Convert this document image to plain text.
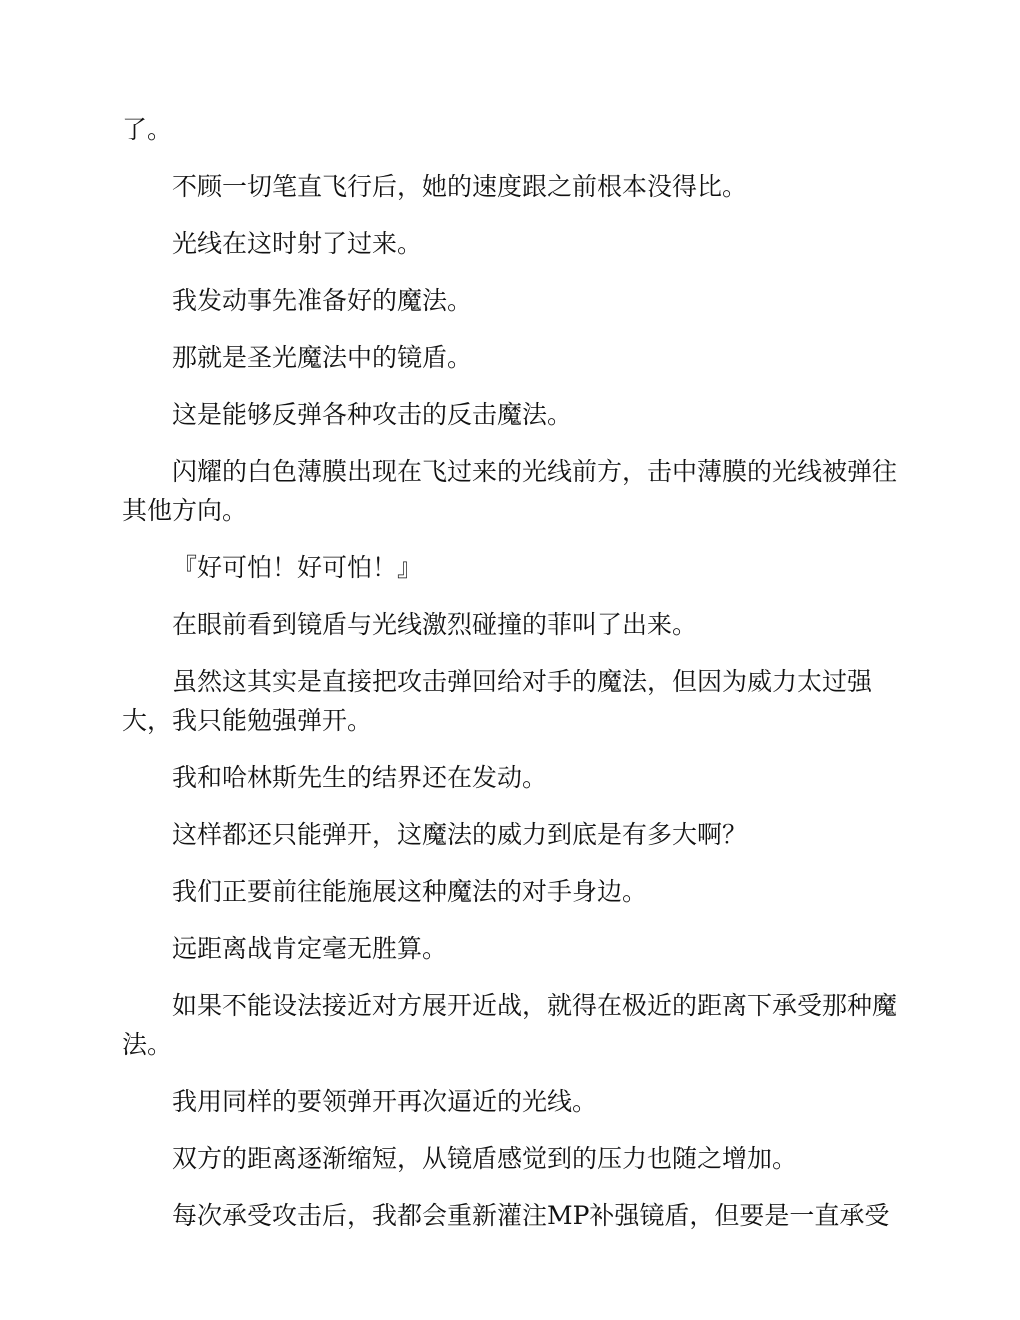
了。

不顾一切笔直飞行后，她的速度跟之前根本没得比。

光线在这时射了过来。

我发动事先准备好的魔法。

那就是圣光魔法中的镜盾。

这是能够反弹各种攻击的反击魔法。

闪耀的白色薄膜出现在飞过来的光线前方，击中薄膜的光线被弹往其他方向。

『好可怕！好可怕！』

在眼前看到镜盾与光线激烈碰撞的菲叫了出来。

虽然这其实是直接把攻击弹回给对手的魔法，但因为威力太过强大，我只能勉强弹开。

我和哈林斯先生的结界还在发动。

这样都还只能弹开，这魔法的威力到底是有多大啊？

我们正要前往能施展这种魔法的对手身边。

远距离战肯定毫无胜算。

如果不能设法接近对方展开近战，就得在极近的距离下承受那种魔法。

我用同样的要领弹开再次逼近的光线。

双方的距离逐渐缩短，从镜盾感觉到的压力也随之增加。

每次承受攻击后，我都会重新灌注MP补强镜盾，但要是一直承受
